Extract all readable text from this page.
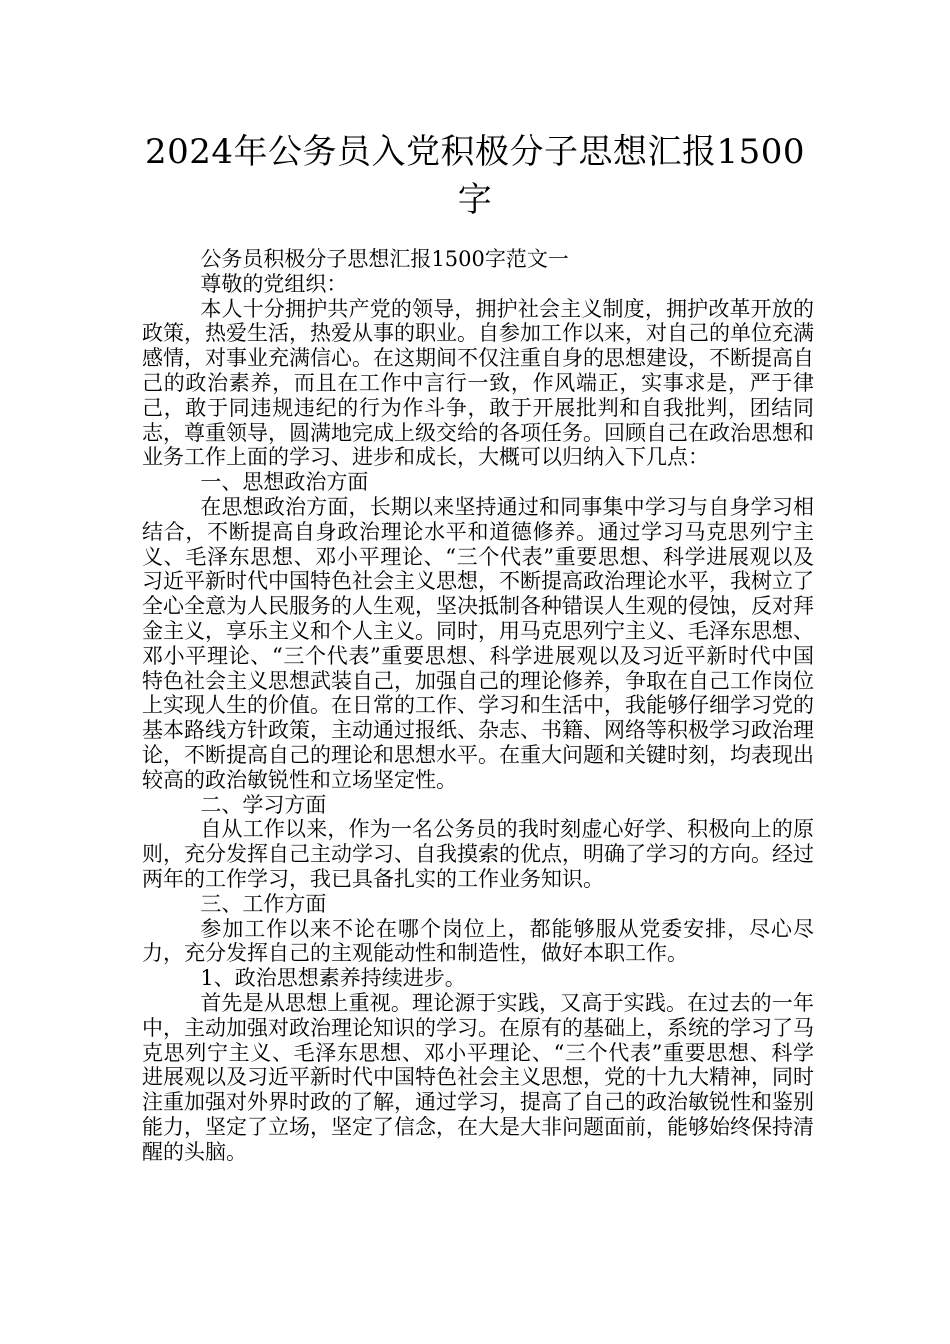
2024年公务员入党积极分子思想汇报1500字

公务员积极分子思想汇报1500字范文一

尊敬的党组织：

本人十分拥护共产党的领导，拥护社会主义制度，拥护改革开放的政策，热爱生活，热爱从事的职业。自参加工作以来，对自己的单位充满感情，对事业充满信心。在这期间不仅注重自身的思想建设，不断提高自己的政治素养，而且在工作中言行一致，作风端正，实事求是，严于律己，敢于同违规违纪的行为作斗争，敢于开展批判和自我批判，团结同志，尊重领导，圆满地完成上级交给的各项任务。回顾自己在政治思想和业务工作上面的学习、进步和成长，大概可以归纳入下几点：

一、思想政治方面

在思想政治方面，长期以来坚持通过和同事集中学习与自身学习相结合，不断提高自身政治理论水平和道德修养。通过学习马克思列宁主义、毛泽东思想、邓小平理论、“三个代表”重要思想、科学进展观以及习近平新时代中国特色社会主义思想，不断提高政治理论水平，我树立了全心全意为人民服务的人生观，坚决抵制各种错误人生观的侵蚀，反对拜金主义，享乐主义和个人主义。同时，用马克思列宁主义、毛泽东思想、邓小平理论、“三个代表”重要思想、科学进展观以及习近平新时代中国特色社会主义思想武装自己，加强自己的理论修养，争取在自己工作岗位上实现人生的价值。在日常的工作、学习和生活中，我能够仔细学习党的基本路线方针政策，主动通过报纸、杂志、书籍、网络等积极学习政治理论，不断提高自己的理论和思想水平。在重大问题和关键时刻，均表现出较高的政治敏锐性和立场坚定性。

二、学习方面

自从工作以来，作为一名公务员的我时刻虚心好学、积极向上的原则，充分发挥自己主动学习、自我摸索的优点，明确了学习的方向。经过两年的工作学习，我已具备扎实的工作业务知识。

三、工作方面

参加工作以来不论在哪个岗位上，都能够服从党委安排，尽心尽力，充分发挥自己的主观能动性和制造性，做好本职工作。

1、政治思想素养持续进步。

首先是从思想上重视。理论源于实践，又高于实践。在过去的一年中，主动加强对政治理论知识的学习。在原有的基础上，系统的学习了马克思列宁主义、毛泽东思想、邓小平理论、“三个代表”重要思想、科学进展观以及习近平新时代中国特色社会主义思想，党的十九大精神，同时注重加强对外界时政的了解，通过学习，提高了自己的政治敏锐性和鉴别能力，坚定了立场，坚定了信念，在大是大非问题面前，能够始终保持清醒的头脑。
